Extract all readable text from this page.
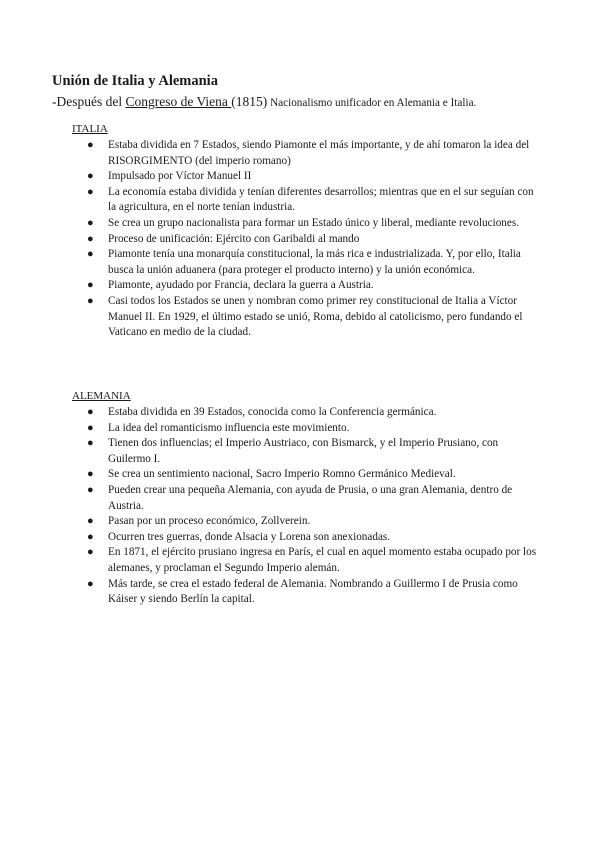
Unión de Italia y Alemania
-Después del Congreso de Viena (1815) Nacionalismo unificador en Alemania e Italia.
ITALIA
● Estaba dividida en 7 Estados, siendo Piamonte el más importante, y de ahí tomaron la idea del RISORGIMENTO (del imperio romano)
● Impulsado por Víctor Manuel II
● La economía estaba dividida y tenían diferentes desarrollos; mientras que en el sur seguían con la agricultura, en el norte tenían industria.
● Se crea un grupo nacionalista para formar un Estado único y liberal, mediante revoluciones.
● Proceso de unificación: Ejército con Garibaldi al mando
● Piamonte tenía una monarquía constitucional, la más rica e industrializada. Y, por ello, Italia busca la unión aduanera (para proteger el producto interno) y la unión económica.
● Piamonte, ayudado por Francia, declara la guerra a Austria.
● Casi todos los Estados se unen y nombran como primer rey constitucional de Italia a Víctor Manuel II. En 1929, el último estado se unió, Roma, debido al catolicismo, pero fundando el Vaticano en medio de la ciudad.
ALEMANIA
● Estaba dividida en 39 Estados, conocida como la Conferencia germánica.
● La idea del romanticismo influencia este movimiento.
● Tienen dos influencias; el Imperio Austriaco, con Bismarck, y el Imperio Prusiano, con Guilermo I.
● Se crea un sentimiento nacional, Sacro Imperio Romno Germánico Medieval.
● Pueden crear una pequeña Alemania, con ayuda de Prusia, o una gran Alemania, dentro de Austria.
● Pasan por un proceso económico, Zollverein.
● Ocurren tres guerras, donde Alsacia y Lorena son anexionadas.
● En 1871, el ejército prusiano ingresa en París, el cual en aquel momento estaba ocupado por los alemanes, y proclaman el Segundo Imperio alemán.
● Más tarde, se crea el estado federal de Alemania. Nombrando a Guillermo I de Prusia como Káiser y siendo Berlín la capital.
